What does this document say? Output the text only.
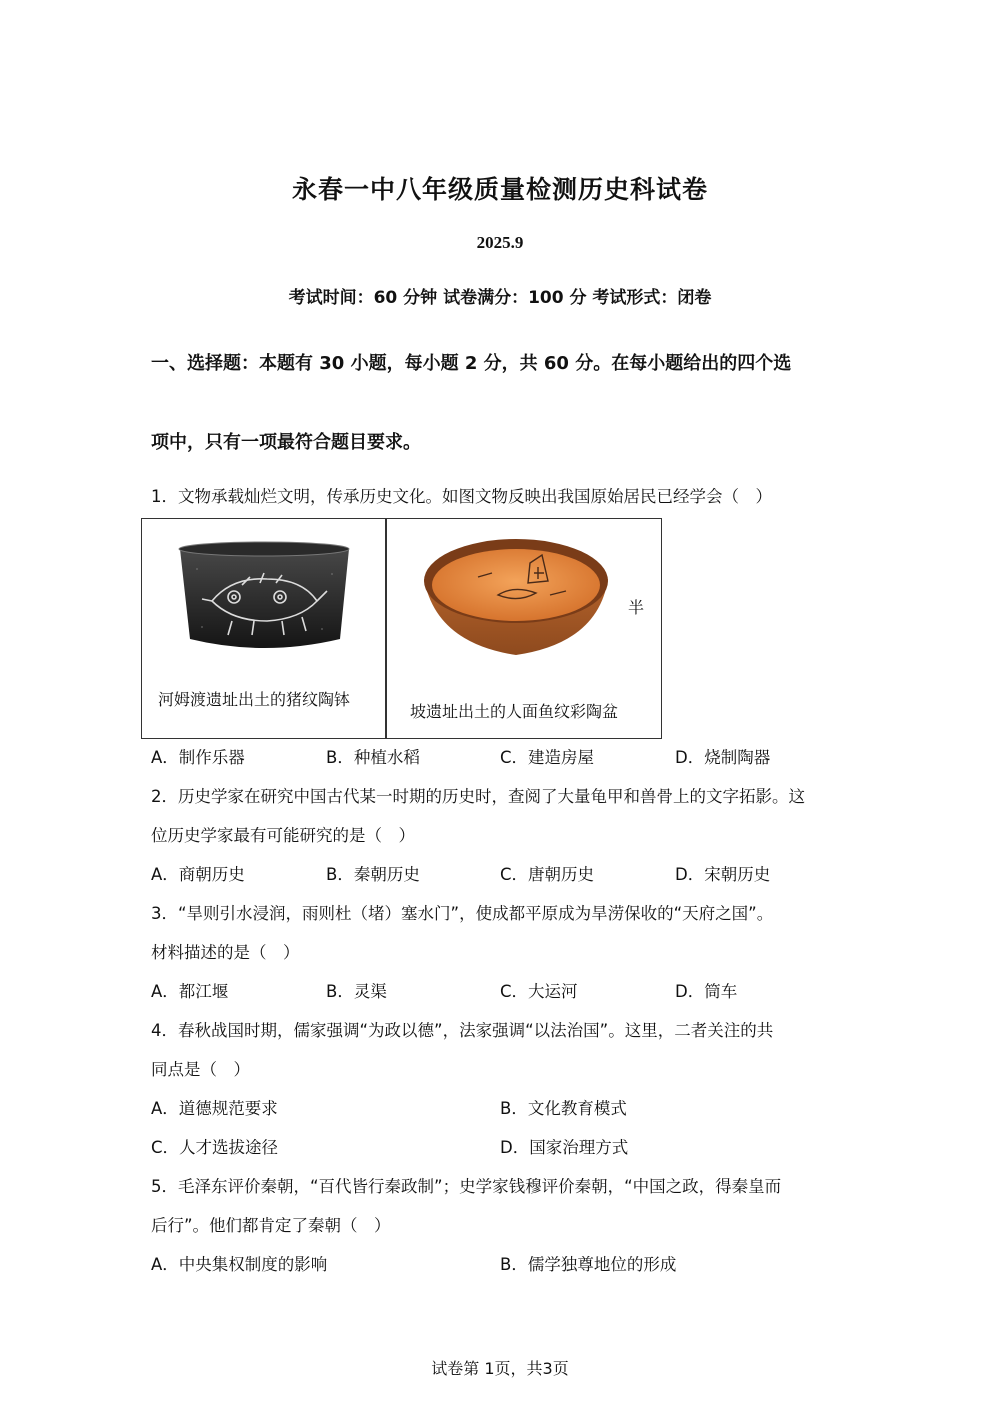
永春一中八年级质量检测历史科试卷
2025.9
考试时间：60 分钟 试卷满分：100 分 考试形式：闭卷
一、选择题：本题有 30 小题，每小题 2 分，共 60 分。在每小题给出的四个选
项中，只有一项最符合题目要求。
1．文物承载灿烂文明，传承历史文化。如图文物反映出我国原始居民已经学会（　）
河姆渡遗址出土的猪纹陶钵
半
坡遗址出土的人面鱼纹彩陶盆
A．制作乐器	B．种植水稻	C．建造房屋	D．烧制陶器
2．历史学家在研究中国古代某一时期的历史时，查阅了大量龟甲和兽骨上的文字拓影。这
位历史学家最有可能研究的是（　）
A．商朝历史	B．秦朝历史	C．唐朝历史	D．宋朝历史
3．“旱则引水浸润，雨则杜（堵）塞水门”，使成都平原成为旱涝保收的“天府之国”。
材料描述的是（　）
A．都江堰	B．灵渠	C．大运河	D．筒车
4．春秋战国时期，儒家强调“为政以德”，法家强调“以法治国”。这里，二者关注的共
同点是（　）
A．道德规范要求	B．文化教育模式
C．人才选拔途径	D．国家治理方式
5．毛泽东评价秦朝，“百代皆行秦政制”；史学家钱穆评价秦朝，“中国之政，得秦皇而
后行”。他们都肯定了秦朝（　）
A．中央集权制度的影响	B．儒学独尊地位的形成
试卷第 1页，共3页
